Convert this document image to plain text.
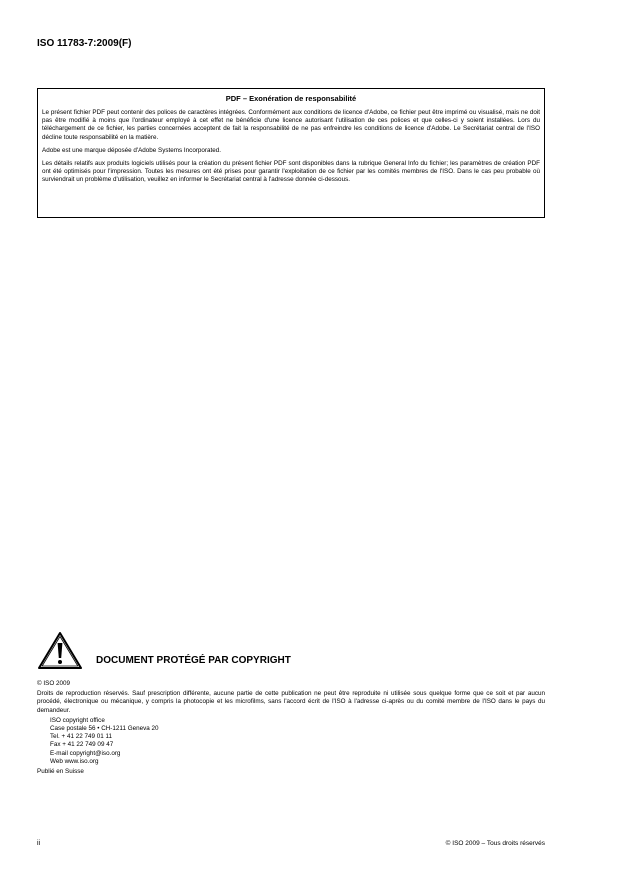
ISO 11783-7:2009(F)
PDF – Exonération de responsabilité

Le présent fichier PDF peut contenir des polices de caractères intégrées. Conformément aux conditions de licence d'Adobe, ce fichier peut être imprimé ou visualisé, mais ne doit pas être modifié à moins que l'ordinateur employé à cet effet ne bénéficie d'une licence autorisant l'utilisation de ces polices et que celles-ci y soient installées. Lors du téléchargement de ce fichier, les parties concernées acceptent de fait la responsabilité de ne pas enfreindre les conditions de licence d'Adobe. Le Secrétariat central de l'ISO décline toute responsabilité en la matière.

Adobe est une marque déposée d'Adobe Systems Incorporated.

Les détails relatifs aux produits logiciels utilisés pour la création du présent fichier PDF sont disponibles dans la rubrique General Info du fichier; les paramètres de création PDF ont été optimisés pour l'impression. Toutes les mesures ont été prises pour garantir l'exploitation de ce fichier par les comités membres de l'ISO. Dans le cas peu probable où surviendrait un problème d'utilisation, veuillez en informer le Secrétariat central à l'adresse donnée ci-dessous.

DOCUMENT PROTÉGÉ PAR COPYRIGHT

© ISO 2009

Droits de reproduction réservés. Sauf prescription différente, aucune partie de cette publication ne peut être reproduite ni utilisée sous quelque forme que ce soit et par aucun procédé, électronique ou mécanique, y compris la photocopie et les microfilms, sans l'accord écrit de l'ISO à l'adresse ci-après ou du comité membre de l'ISO dans le pays du demandeur.

ISO copyright office
Case postale 56 • CH-1211 Geneva 20
Tel. + 41 22 749 01 11
Fax + 41 22 749 09 47
E-mail copyright@iso.org
Web www.iso.org

Publié en Suisse

ii	© ISO 2009 – Tous droits réservés
